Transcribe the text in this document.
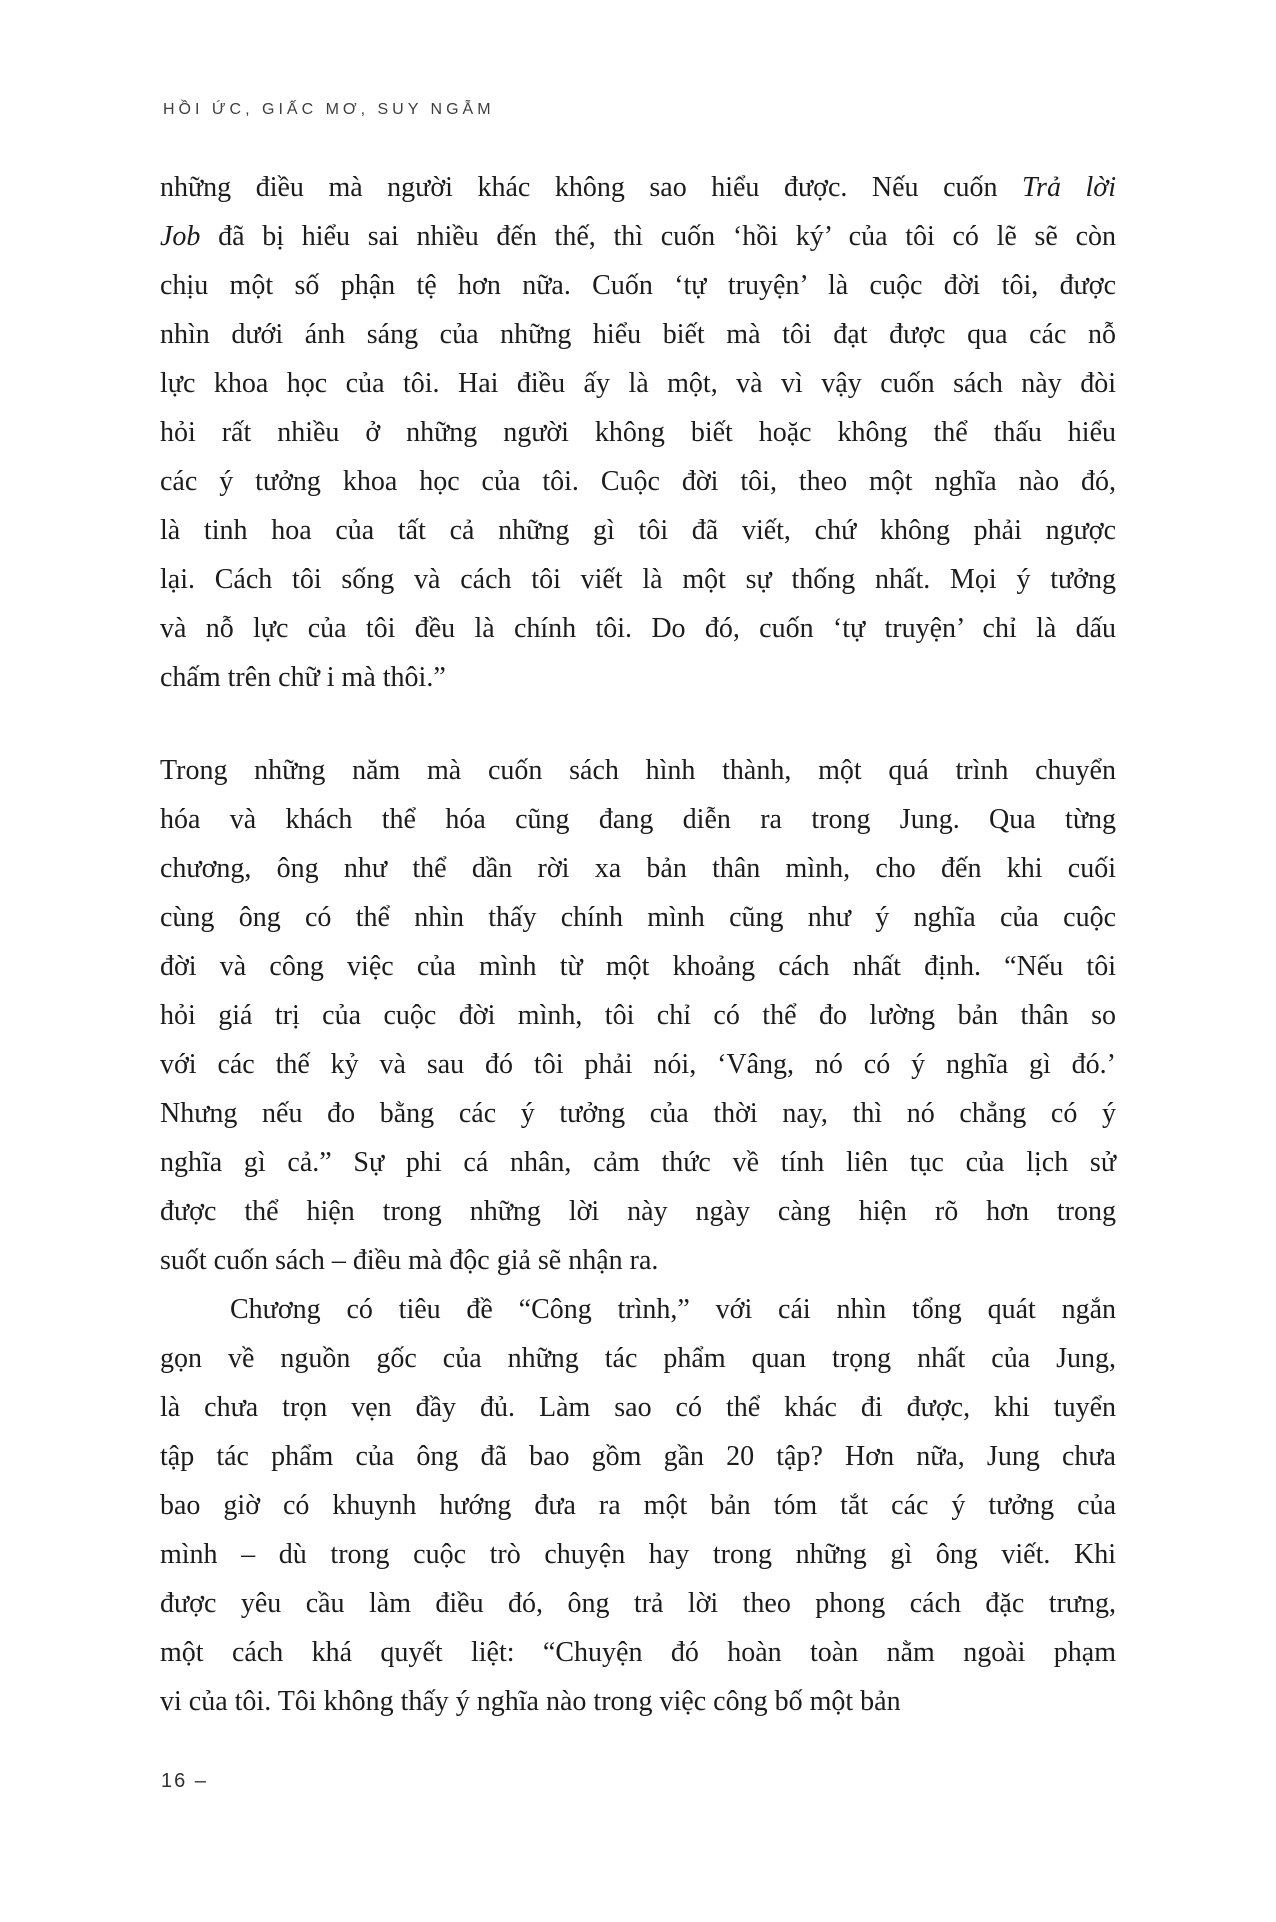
HỒI ỨC, GIẤC MƠ, SUY NGẪM
những điều mà người khác không sao hiểu được. Nếu cuốn Trả lời
Job đã bị hiểu sai nhiều đến thế, thì cuốn ‘hồi ký’ của tôi có lẽ sẽ còn
chịu một số phận tệ hơn nữa. Cuốn ‘tự truyện’ là cuộc đời tôi, được
nhìn dưới ánh sáng của những hiểu biết mà tôi đạt được qua các nỗ
lực khoa học của tôi. Hai điều ấy là một, và vì vậy cuốn sách này đòi
hỏi rất nhiều ở những người không biết hoặc không thể thấu hiểu
các ý tưởng khoa học của tôi. Cuộc đời tôi, theo một nghĩa nào đó,
là tinh hoa của tất cả những gì tôi đã viết, chứ không phải ngược
lại. Cách tôi sống và cách tôi viết là một sự thống nhất. Mọi ý tưởng
và nỗ lực của tôi đều là chính tôi. Do đó, cuốn ‘tự truyện’ chỉ là dấu
chấm trên chữ i mà thôi.”
Trong những năm mà cuốn sách hình thành, một quá trình chuyển
hóa và khách thể hóa cũng đang diễn ra trong Jung. Qua từng
chương, ông như thể dần rời xa bản thân mình, cho đến khi cuối
cùng ông có thể nhìn thấy chính mình cũng như ý nghĩa của cuộc
đời và công việc của mình từ một khoảng cách nhất định. “Nếu tôi
hỏi giá trị của cuộc đời mình, tôi chỉ có thể đo lường bản thân so
với các thế kỷ và sau đó tôi phải nói, ‘Vâng, nó có ý nghĩa gì đó.’
Nhưng nếu đo bằng các ý tưởng của thời nay, thì nó chẳng có ý
nghĩa gì cả.” Sự phi cá nhân, cảm thức về tính liên tục của lịch sử
được thể hiện trong những lời này ngày càng hiện rõ hơn trong
suốt cuốn sách – điều mà độc giả sẽ nhận ra.
Chương có tiêu đề “Công trình,” với cái nhìn tổng quát ngắn
gọn về nguồn gốc của những tác phẩm quan trọng nhất của Jung,
là chưa trọn vẹn đầy đủ. Làm sao có thể khác đi được, khi tuyển
tập tác phẩm của ông đã bao gồm gần 20 tập? Hơn nữa, Jung chưa
bao giờ có khuynh hướng đưa ra một bản tóm tắt các ý tưởng của
mình – dù trong cuộc trò chuyện hay trong những gì ông viết. Khi
được yêu cầu làm điều đó, ông trả lời theo phong cách đặc trưng,
một cách khá quyết liệt: “Chuyện đó hoàn toàn nằm ngoài phạm
vi của tôi. Tôi không thấy ý nghĩa nào trong việc công bố một bản
16 –
